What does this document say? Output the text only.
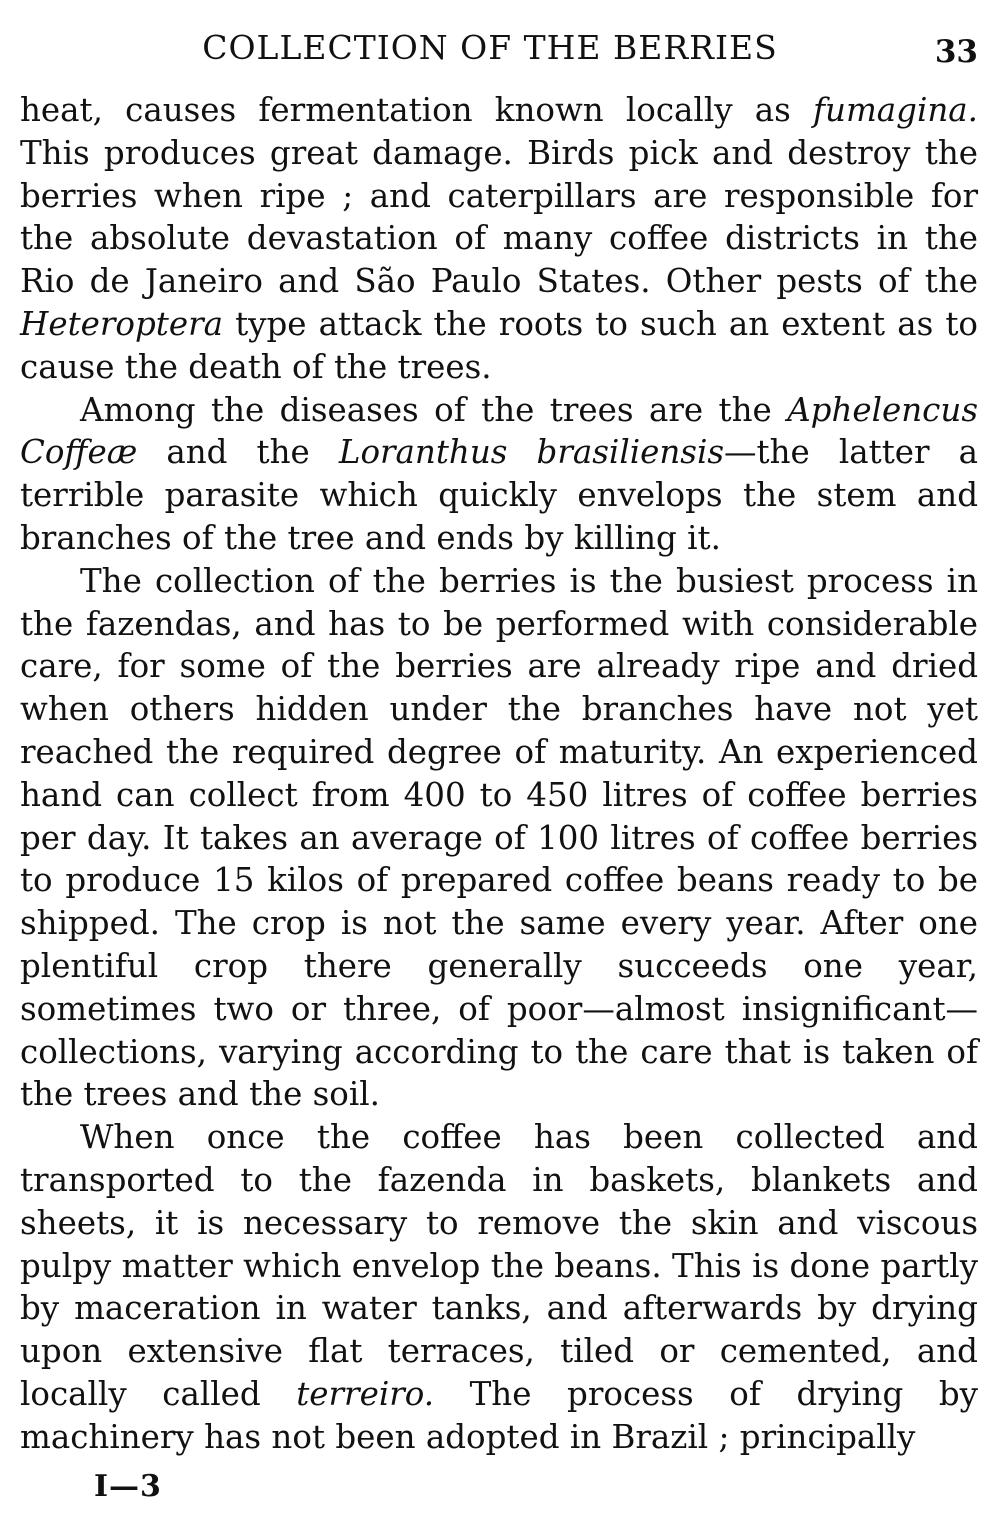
COLLECTION OF THE BERRIES	33

heat, causes fermentation known locally as fumagina. This produces great damage. Birds pick and destroy the berries when ripe ; and caterpillars are responsible for the absolute devastation of many coffee districts in the Rio de Janeiro and São Paulo States. Other pests of the Heteroptera type attack the roots to such an extent as to cause the death of the trees.

Among the diseases of the trees are the Aphelencus Coffeæ and the Loranthus brasiliensis—the latter a terrible parasite which quickly envelops the stem and branches of the tree and ends by killing it.

The collection of the berries is the busiest process in the fazendas, and has to be performed with considerable care, for some of the berries are already ripe and dried when others hidden under the branches have not yet reached the required degree of maturity. An experienced hand can collect from 400 to 450 litres of coffee berries per day. It takes an average of 100 litres of coffee berries to produce 15 kilos of prepared coffee beans ready to be shipped. The crop is not the same every year. After one plentiful crop there generally succeeds one year, sometimes two or three, of poor—almost insignificant—collections, varying according to the care that is taken of the trees and the soil.

When once the coffee has been collected and transported to the fazenda in baskets, blankets and sheets, it is necessary to remove the skin and viscous pulpy matter which envelop the beans. This is done partly by maceration in water tanks, and afterwards by drying upon extensive flat terraces, tiled or cemented, and locally called terreiro. The process of drying by machinery has not been adopted in Brazil ; principally

I—3
